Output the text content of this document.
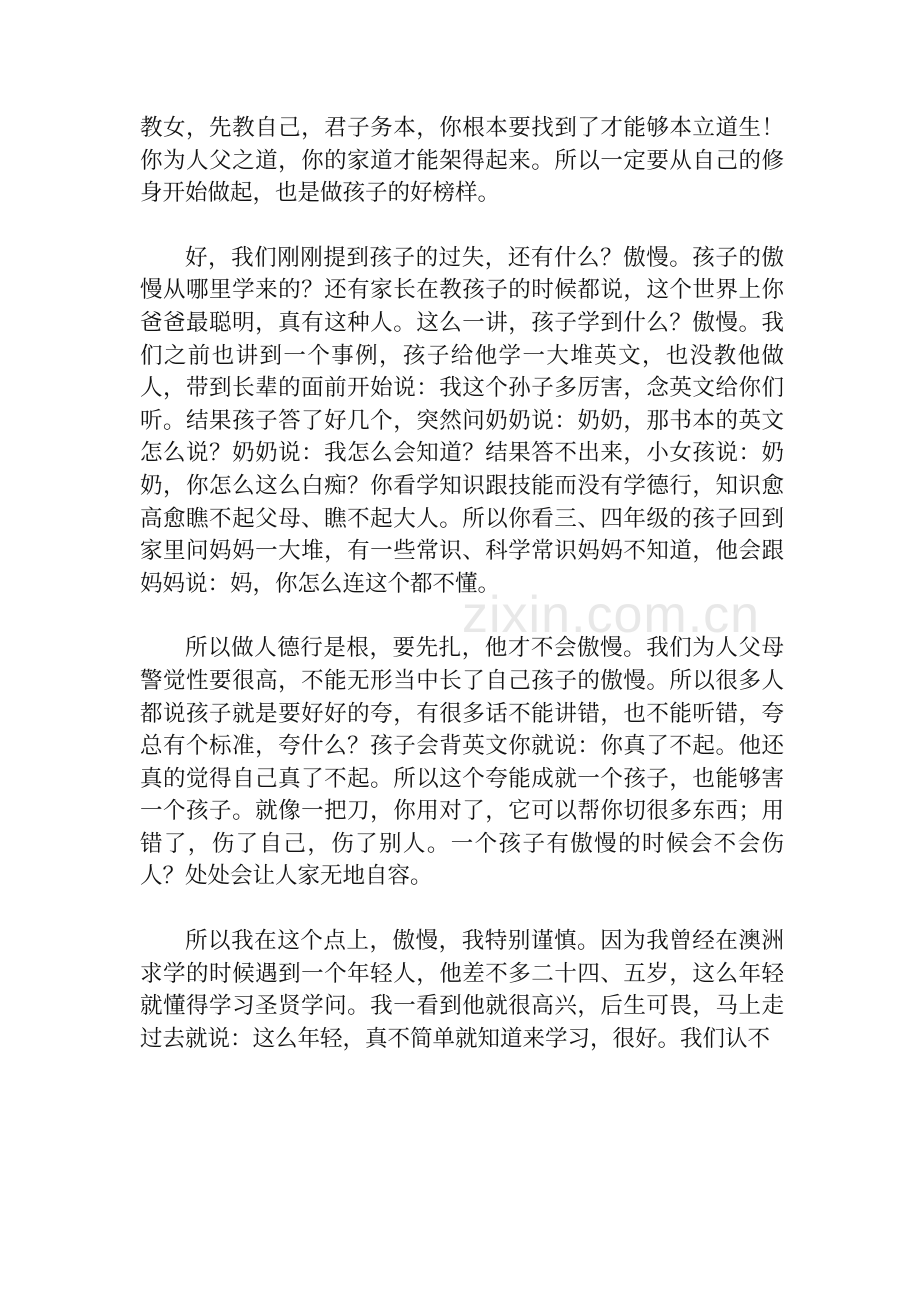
教女，先教自己，君子务本，你根本要找到了才能够本立道生！你为人父之道，你的家道才能架得起来。所以一定要从自己的修身开始做起，也是做孩子的好榜样。

好，我们刚刚提到孩子的过失，还有什么？傲慢。孩子的傲慢从哪里学来的？还有家长在教孩子的时候都说，这个世界上你爸爸最聪明，真有这种人。这么一讲，孩子学到什么？傲慢。我们之前也讲到一个事例，孩子给他学一大堆英文，也没教他做人，带到长辈的面前开始说：我这个孙子多厉害，念英文给你们听。结果孩子答了好几个，突然问奶奶说：奶奶，那书本的英文怎么说？奶奶说：我怎么会知道？结果答不出来，小女孩说：奶奶，你怎么这么白痴？你看学知识跟技能而没有学德行，知识愈高愈瞧不起父母、瞧不起大人。所以你看三、四年级的孩子回到家里问妈妈一大堆，有一些常识、科学常识妈妈不知道，他会跟妈妈说：妈，你怎么连这个都不懂。

所以做人德行是根，要先扎，他才不会傲慢。我们为人父母警觉性要很高，不能无形当中长了自己孩子的傲慢。所以很多人都说孩子就是要好好的夸，有很多话不能讲错，也不能听错，夸总有个标准，夸什么？孩子会背英文你就说：你真了不起。他还真的觉得自己真了不起。所以这个夸能成就一个孩子，也能够害一个孩子。就像一把刀，你用对了，它可以帮你切很多东西；用错了，伤了自己，伤了别人。一个孩子有傲慢的时候会不会伤人？处处会让人家无地自容。

所以我在这个点上，傲慢，我特别谨慎。因为我曾经在澳洲求学的时候遇到一个年轻人，他差不多二十四、五岁，这么年轻就懂得学习圣贤学问。我一看到他就很高兴，后生可畏，马上走过去就说：这么年轻，真不简单就知道来学习，很好。我们认不

zixin.com.cn
